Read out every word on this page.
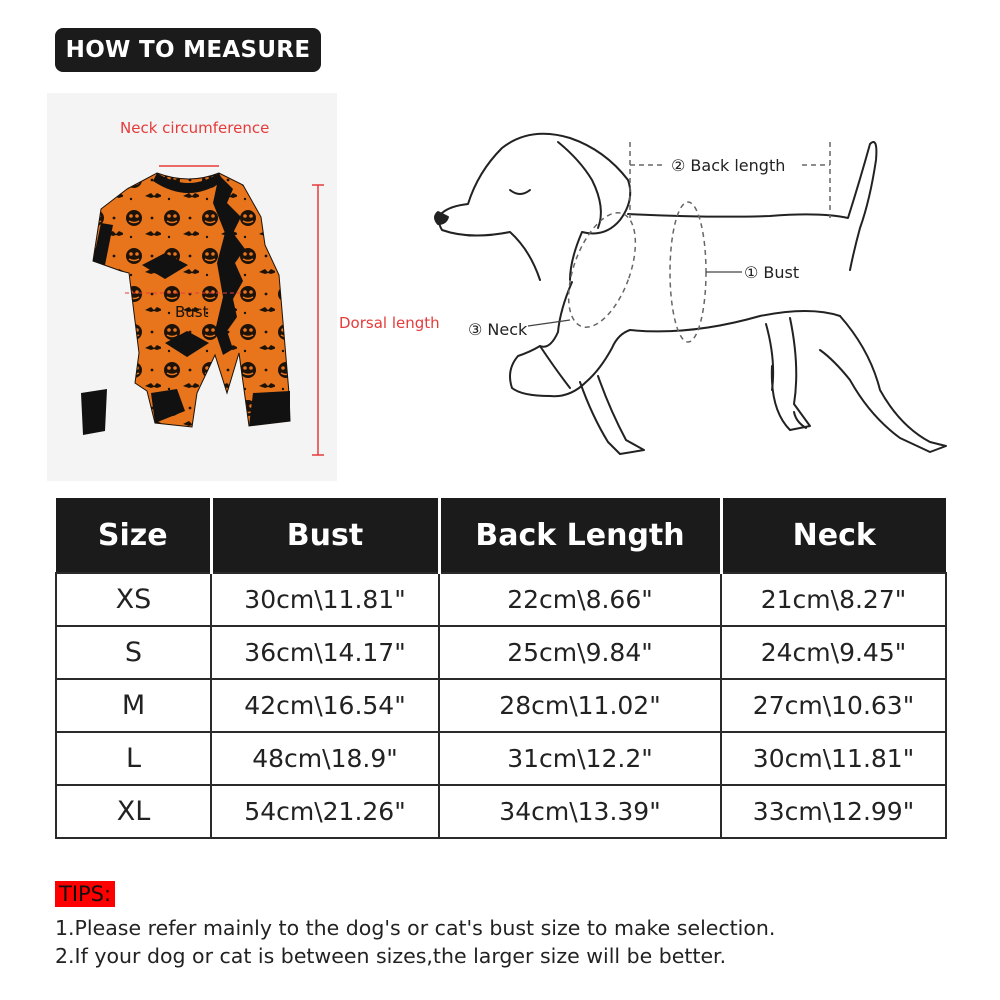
HOW TO MEASURE
Neck circumference
Bust
Dorsal length
② Back length
① Bust
③ Neck
Size	Bust	Back Length	Neck
XS	30cm\11.81"	22cm\8.66"	21cm\8.27"
S	36cm\14.17"	25cm\9.84"	24cm\9.45"
M	42cm\16.54"	28cm\11.02"	27cm\10.63"
L	48cm\18.9"	31cm\12.2"	30cm\11.81"
XL	54cm\21.26"	34cm\13.39"	33cm\12.99"
TIPS:
1.Please refer mainly to the dog's or cat's bust size to make selection.
2.If your dog or cat is between sizes,the larger size will be better.
